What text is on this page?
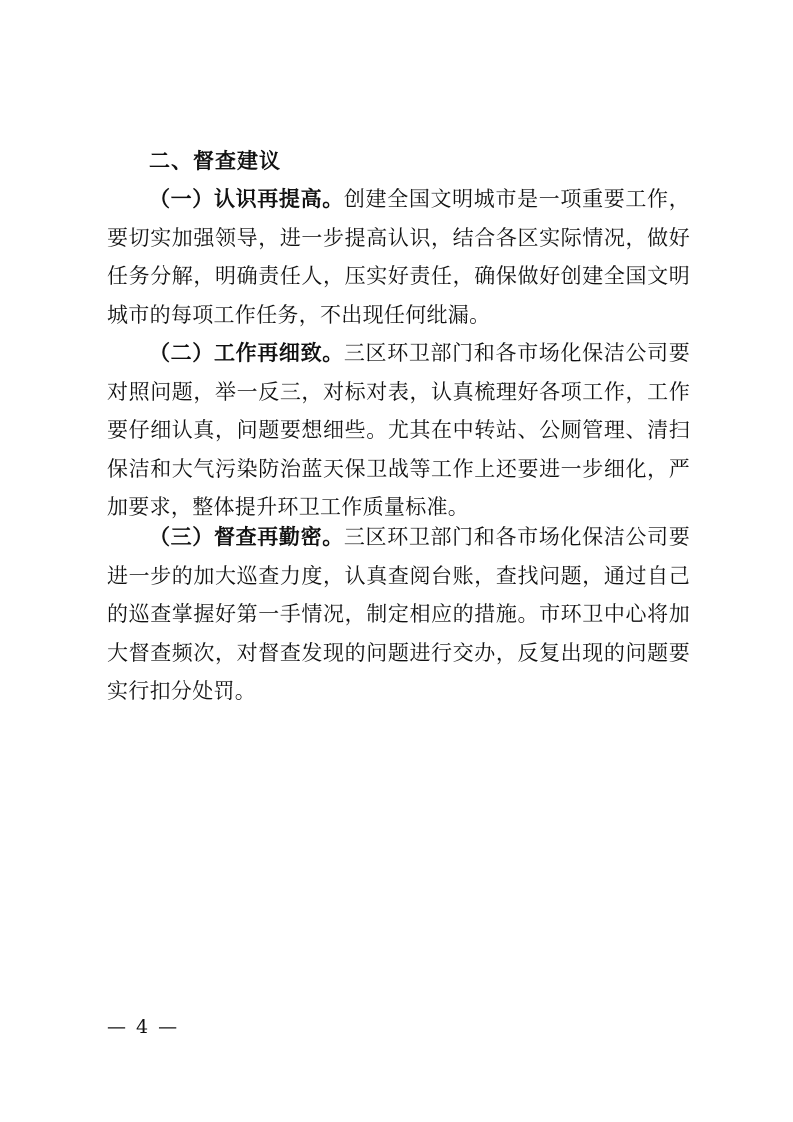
二、督查建议

（一）认识再提高。创建全国文明城市是一项重要工作，要切实加强领导，进一步提高认识，结合各区实际情况，做好任务分解，明确责任人，压实好责任，确保做好创建全国文明城市的每项工作任务，不出现任何纰漏。

（二）工作再细致。三区环卫部门和各市场化保洁公司要对照问题，举一反三，对标对表，认真梳理好各项工作，工作要仔细认真，问题要想细些。尤其在中转站、公厕管理、清扫保洁和大气污染防治蓝天保卫战等工作上还要进一步细化，严加要求，整体提升环卫工作质量标准。

（三）督查再勤密。三区环卫部门和各市场化保洁公司要进一步的加大巡查力度，认真查阅台账，查找问题，通过自己的巡查掌握好第一手情况，制定相应的措施。市环卫中心将加大督查频次，对督查发现的问题进行交办，反复出现的问题要实行扣分处罚。

— 4 —
